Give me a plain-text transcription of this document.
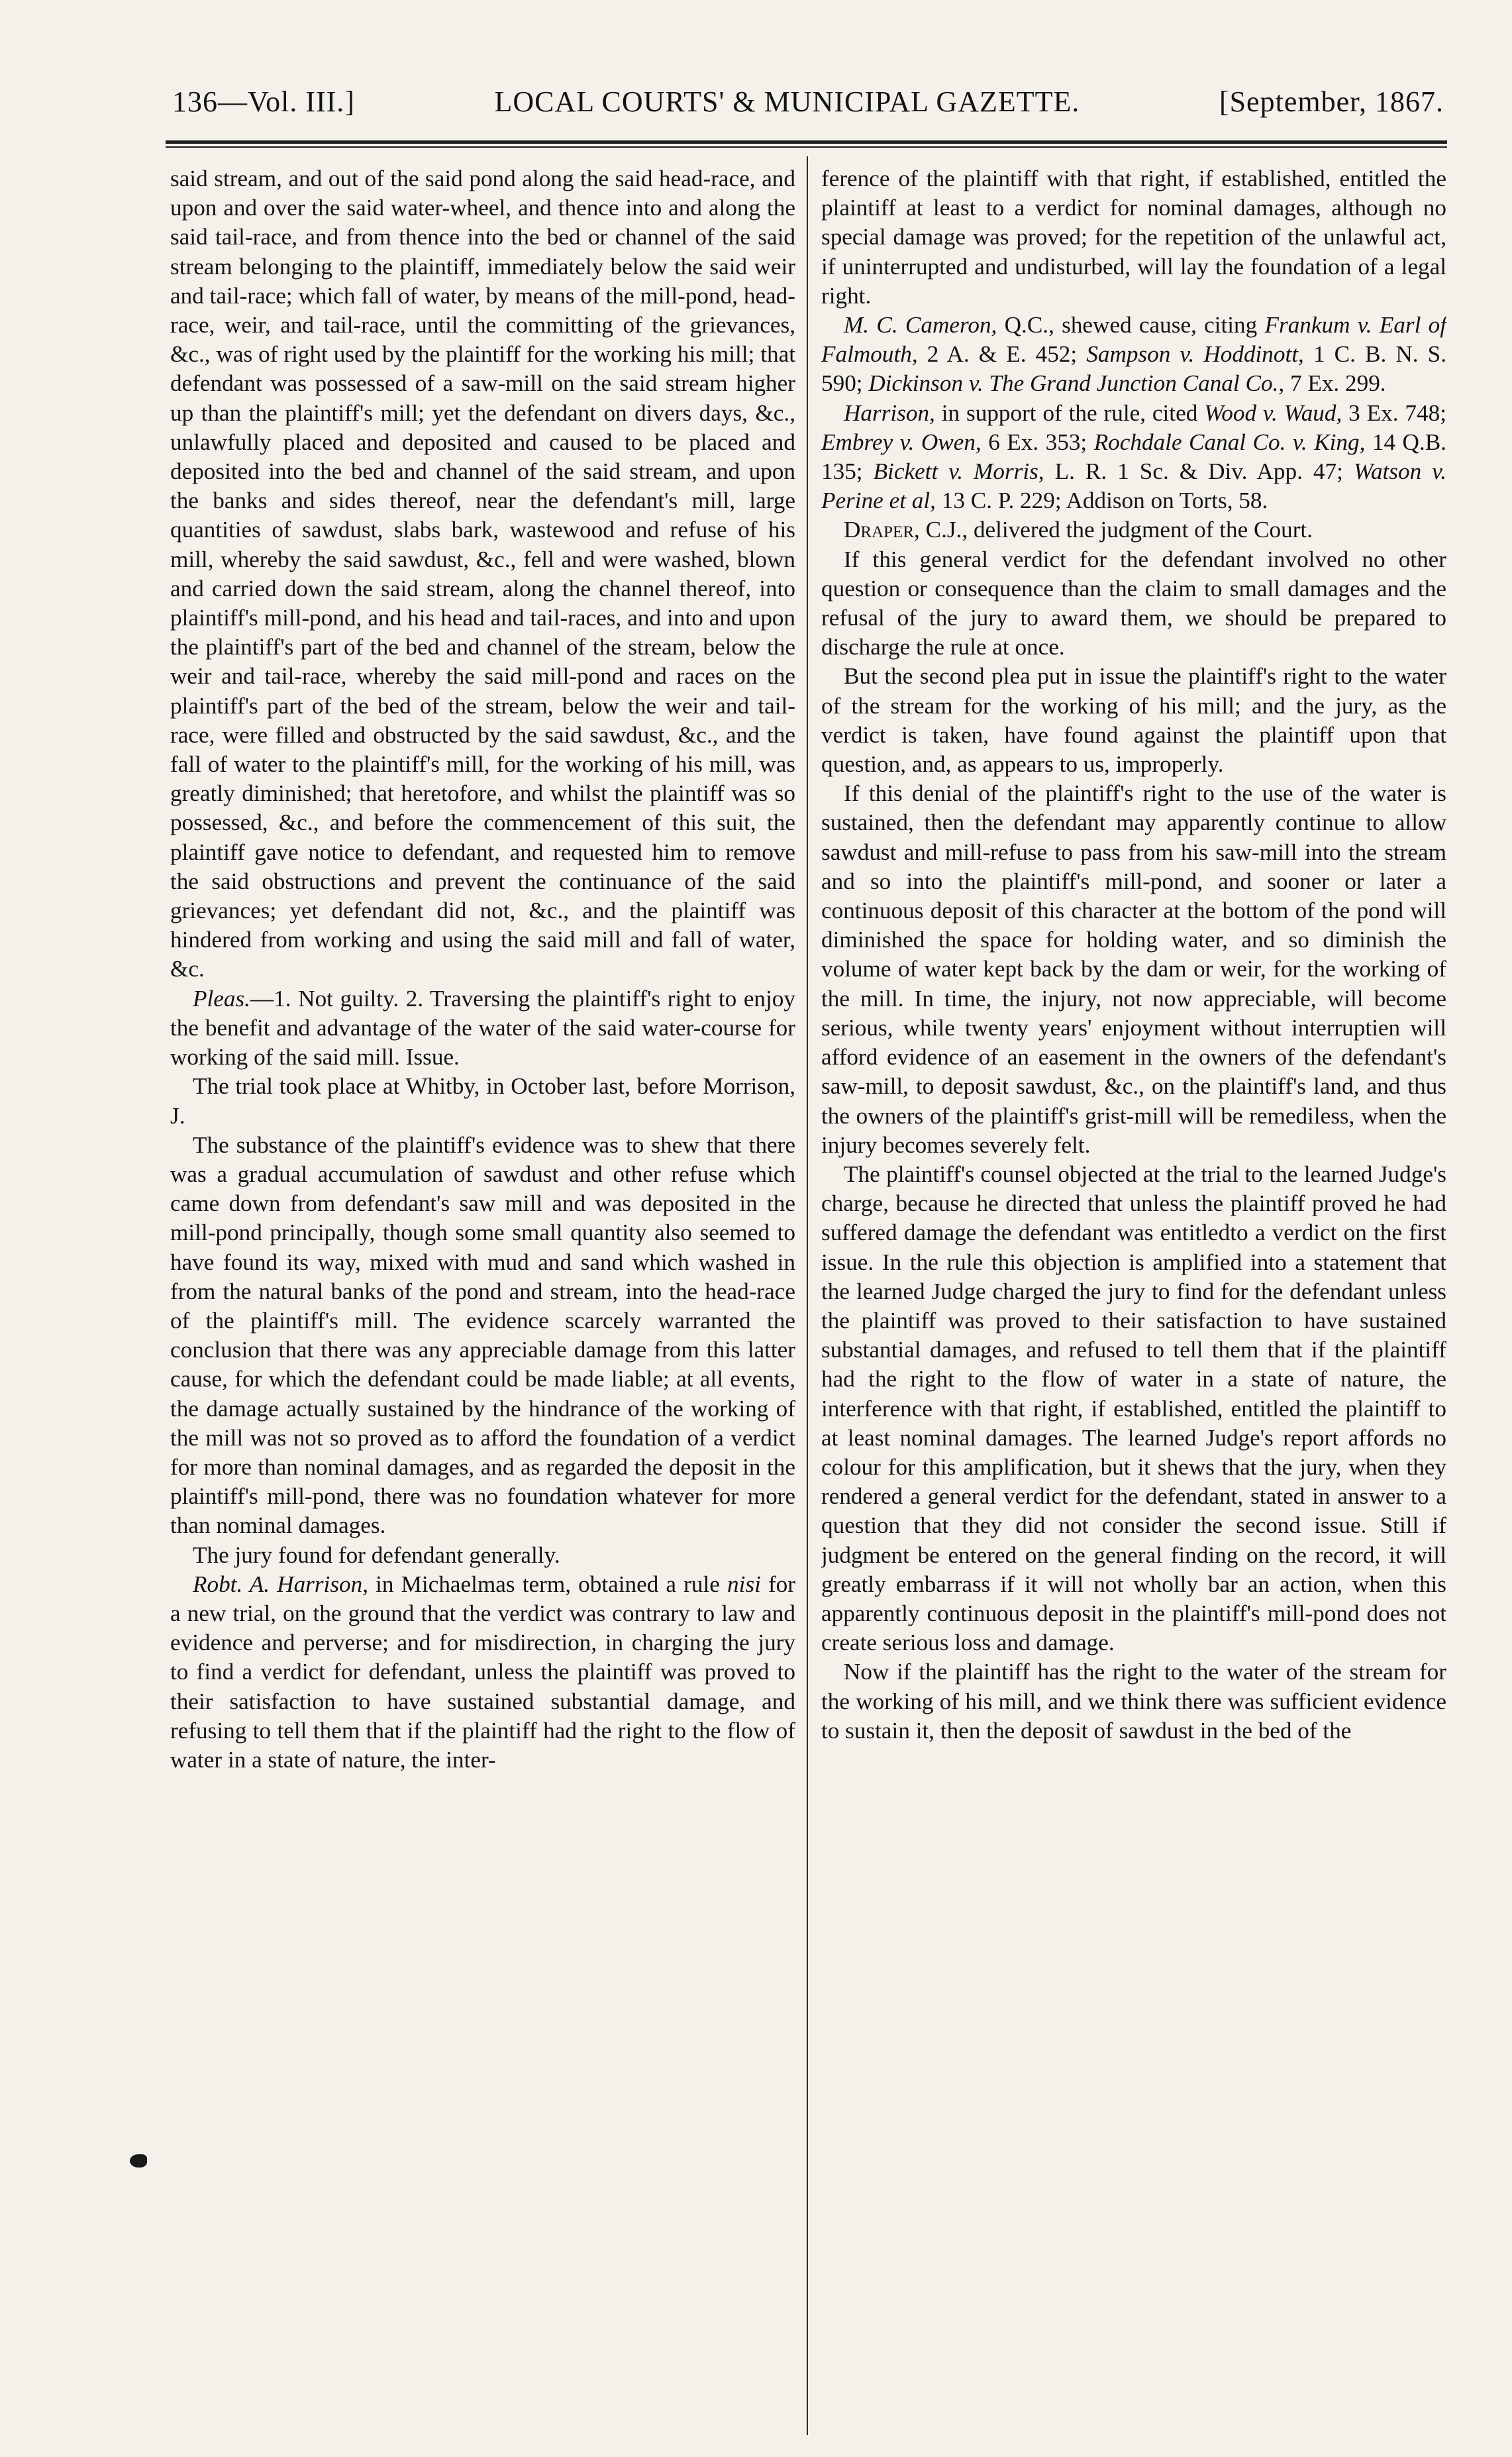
136—Vol. III.]	LOCAL COURTS' & MUNICIPAL GAZETTE.	[September, 1867.

said stream, and out of the said pond along the said head-race, and upon and over the said water-wheel, and thence into and along the said tail-race, and from thence into the bed or channel of the said stream belonging to the plaintiff, immediately below the said weir and tail-race; which fall of water, by means of the mill-pond, head-race, weir, and tail-race, until the committing of the grievances, &c., was of right used by the plaintiff for the working his mill; that defendant was possessed of a saw-mill on the said stream higher up than the plaintiff's mill; yet the defendant on divers days, &c., unlawfully placed and deposited and caused to be placed and deposited into the bed and channel of the said stream, and upon the banks and sides thereof, near the defendant's mill, large quantities of sawdust, slabs bark, wastewood and refuse of his mill, whereby the said sawdust, &c., fell and were washed, blown and carried down the said stream, along the channel thereof, into plaintiff's mill-pond, and his head and tail-races, and into and upon the plaintiff's part of the bed and channel of the stream, below the weir and tail-race, whereby the said mill-pond and races on the plaintiff's part of the bed of the stream, below the weir and tail-race, were filled and obstructed by the said sawdust, &c., and the fall of water to the plaintiff's mill, for the working of his mill, was greatly diminished; that heretofore, and whilst the plaintiff was so possessed, &c., and before the commencement of this suit, the plaintiff gave notice to defendant, and requested him to remove the said obstructions and prevent the continuance of the said grievances; yet defendant did not, &c., and the plaintiff was hindered from working and using the said mill and fall of water, &c.

Pleas.—1. Not guilty. 2. Traversing the plaintiff's right to enjoy the benefit and advantage of the water of the said water-course for working of the said mill. Issue.

The trial took place at Whitby, in October last, before Morrison, J.

The substance of the plaintiff's evidence was to shew that there was a gradual accumulation of sawdust and other refuse which came down from defendant's saw mill and was deposited in the mill-pond principally, though some small quantity also seemed to have found its way, mixed with mud and sand which washed in from the natural banks of the pond and stream, into the head-race of the plaintiff's mill. The evidence scarcely warranted the conclusion that there was any appreciable damage from this latter cause, for which the defendant could be made liable; at all events, the damage actually sustained by the hindrance of the working of the mill was not so proved as to afford the foundation of a verdict for more than nominal damages, and as regarded the deposit in the plaintiff's mill-pond, there was no foundation whatever for more than nominal damages.

The jury found for defendant generally.

Robt. A. Harrison, in Michaelmas term, obtained a rule nisi for a new trial, on the ground that the verdict was contrary to law and evidence and perverse; and for misdirection, in charging the jury to find a verdict for defendant, unless the plaintiff was proved to their satisfaction to have sustained substantial damage, and refusing to tell them that if the plaintiff had the right to the flow of water in a state of nature, the inter-

ference of the plaintiff with that right, if established, entitled the plaintiff at least to a verdict for nominal damages, although no special damage was proved; for the repetition of the unlawful act, if uninterrupted and undisturbed, will lay the foundation of a legal right.

M. C. Cameron, Q.C., shewed cause, citing Frankum v. Earl of Falmouth, 2 A. & E. 452; Sampson v. Hoddinott, 1 C. B. N. S. 590; Dickinson v. The Grand Junction Canal Co., 7 Ex. 299.

Harrison, in support of the rule, cited Wood v. Waud, 3 Ex. 748; Embrey v. Owen, 6 Ex. 353; Rochdale Canal Co. v. King, 14 Q.B. 135; Bickett v. Morris, L. R. 1 Sc. & Div. App. 47; Watson v. Perine et al, 13 C. P. 229; Addison on Torts, 58.

Draper, C.J., delivered the judgment of the Court.

If this general verdict for the defendant involved no other question or consequence than the claim to small damages and the refusal of the jury to award them, we should be prepared to discharge the rule at once.

But the second plea put in issue the plaintiff's right to the water of the stream for the working of his mill; and the jury, as the verdict is taken, have found against the plaintiff upon that question, and, as appears to us, improperly.

If this denial of the plaintiff's right to the use of the water is sustained, then the defendant may apparently continue to allow sawdust and mill-refuse to pass from his saw-mill into the stream and so into the plaintiff's mill-pond, and sooner or later a continuous deposit of this character at the bottom of the pond will diminished the space for holding water, and so diminish the volume of water kept back by the dam or weir, for the working of the mill. In time, the injury, not now appreciable, will become serious, while twenty years' enjoyment without interruptien will afford evidence of an easement in the owners of the defendant's saw-mill, to deposit sawdust, &c., on the plaintiff's land, and thus the owners of the plaintiff's grist-mill will be remediless, when the injury becomes severely felt.

The plaintiff's counsel objected at the trial to the learned Judge's charge, because he directed that unless the plaintiff proved he had suffered damage the defendant was entitledto a verdict on the first issue. In the rule this objection is amplified into a statement that the learned Judge charged the jury to find for the defendant unless the plaintiff was proved to their satisfaction to have sustained substantial damages, and refused to tell them that if the plaintiff had the right to the flow of water in a state of nature, the interference with that right, if established, entitled the plaintiff to at least nominal damages. The learned Judge's report affords no colour for this amplification, but it shews that the jury, when they rendered a general verdict for the defendant, stated in answer to a question that they did not consider the second issue. Still if judgment be entered on the general finding on the record, it will greatly embarrass if it will not wholly bar an action, when this apparently continuous deposit in the plaintiff's mill-pond does not create serious loss and damage.

Now if the plaintiff has the right to the water of the stream for the working of his mill, and we think there was sufficient evidence to sustain it, then the deposit of sawdust in the bed of the
